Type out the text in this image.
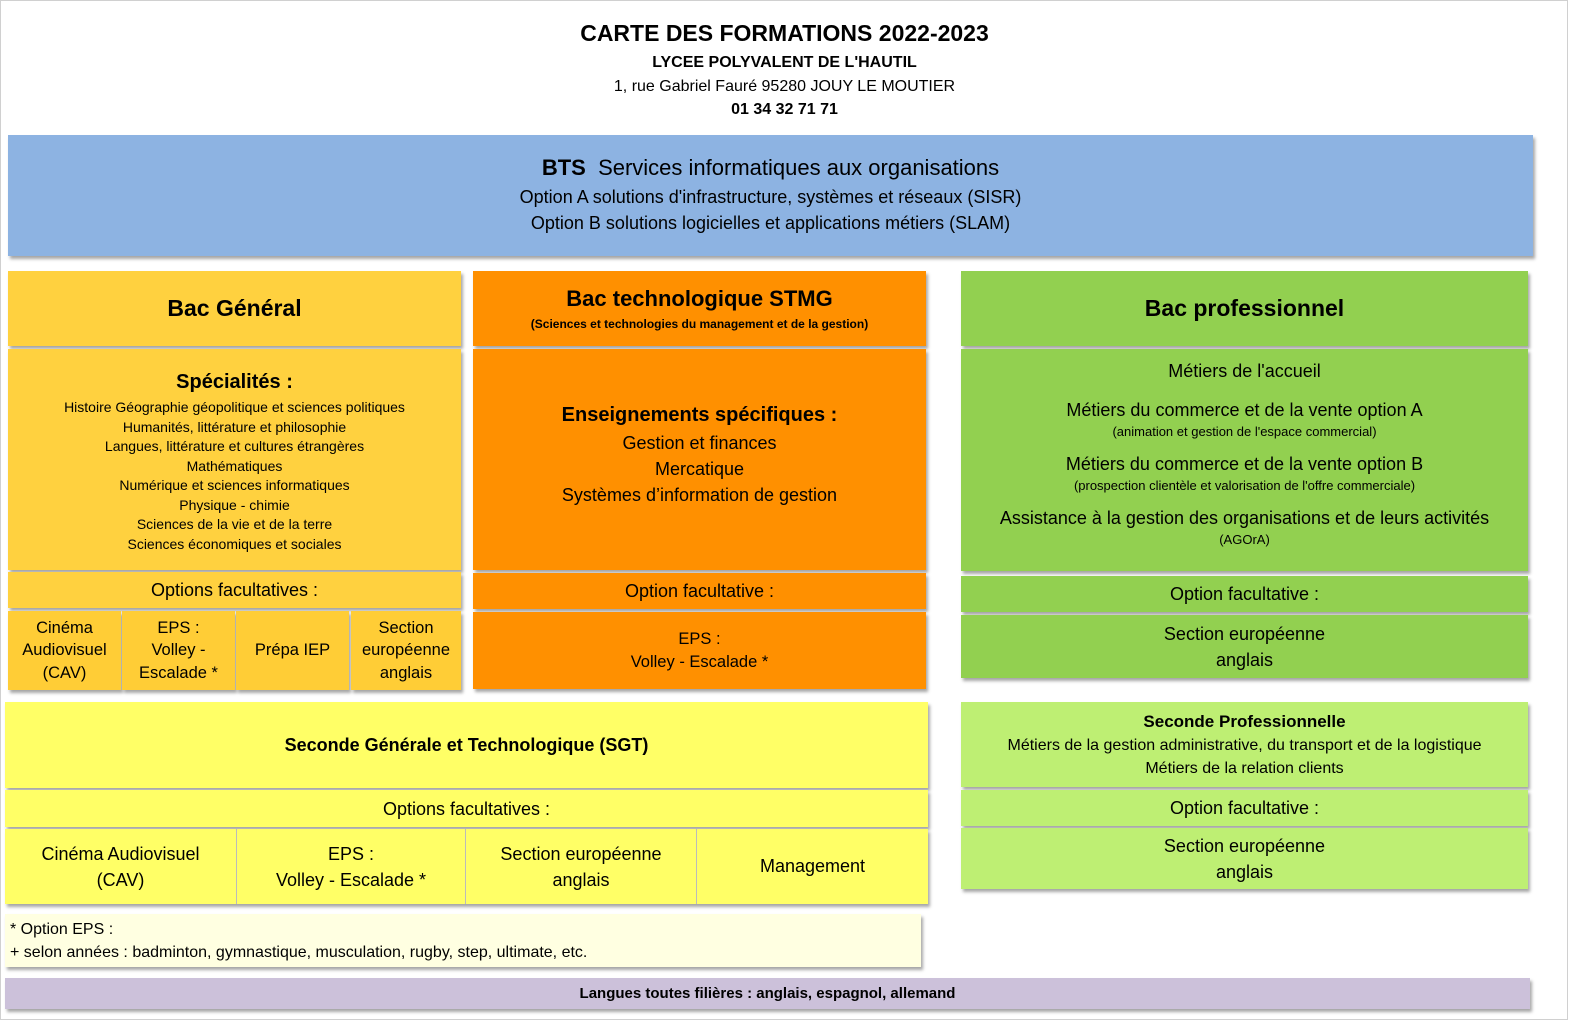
CARTE DES FORMATIONS 2022-2023
LYCEE POLYVALENT DE L'HAUTIL
1, rue Gabriel Fauré 95280 JOUY LE MOUTIER
01 34 32 71 71
BTS Services informatiques aux organisations
Option A solutions d'infrastructure, systèmes et réseaux (SISR)
Option B solutions logicielles et applications métiers (SLAM)
Bac Général
Spécialités :
Histoire Géographie géopolitique et sciences politiques
Humanités, littérature et philosophie
Langues, littérature et cultures étrangères
Mathématiques
Numérique et sciences informatiques
Physique - chimie
Sciences de la vie et de la terre
Sciences économiques et sociales
Options facultatives :
Cinéma
Audiovisuel
(CAV)
EPS :
Volley -
Escalade *
Prépa IEP
Section
européenne
anglais
Bac technologique STMG
(Sciences et technologies du management et de la gestion)
Enseignements spécifiques :
Gestion et finances
Mercatique
Systèmes d’information de gestion
Option facultative :
EPS :
Volley - Escalade *
Bac professionnel
Métiers de l'accueil
Métiers du commerce et de la vente option A
(animation et gestion de l'espace commercial)
Métiers du commerce et de la vente option B
(prospection clientèle et valorisation de l'offre commerciale)
Assistance à la gestion des organisations et de leurs activités
(AGOrA)
Option facultative :
Section européenne
anglais
Seconde Générale et Technologique (SGT)
Options facultatives :
Cinéma Audiovisuel
(CAV)
EPS :
Volley - Escalade *
Section européenne
anglais
Management
Seconde Professionnelle
Métiers de la gestion administrative, du transport et de la logistique
Métiers de la relation clients
Option facultative :
Section européenne
anglais
* Option EPS :
+ selon années : badminton, gymnastique, musculation, rugby, step, ultimate, etc.
Langues toutes filières : anglais, espagnol, allemand
